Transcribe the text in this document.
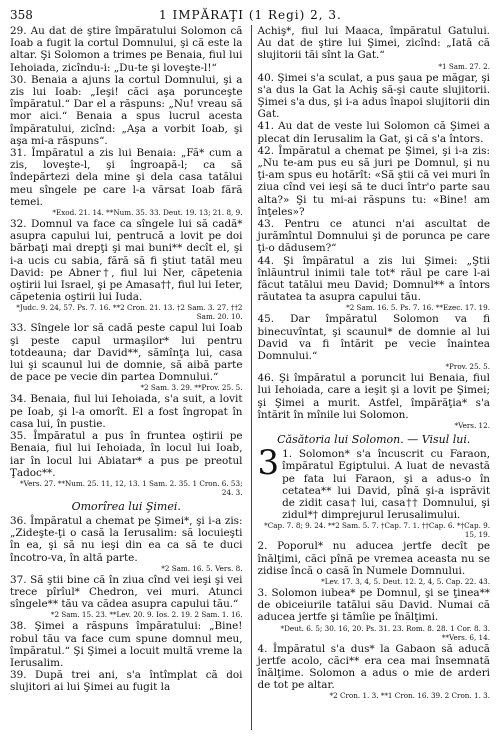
358	1 IMPĂRAŢI (1 Regi) 2, 3.

29. Au dat de ştire împăratului Solomon că Ioab a fugit la cortul Domnului, şi că este la altar. Şi Solomon a trimes pe Benaia, fiul lui Iehoiada, zicîndu-i: „Du-te şi loveşte-l!“

30. Benaia a ajuns la cortul Domnului, şi a zis lui Ioab: „Ieşi! căci aşa porunceşte împăratul.“ Dar el a răspuns: „Nu! vreau să mor aici.“ Benaia a spus lucrul acesta împăratului, zicînd: „Aşa a vorbit Ioab, şi aşa mi-a răspuns“.

31. Împăratul a zis lui Benaia: „Fă* cum a zis, loveşte-l, şi îngroapă-l; ca să îndepărtezi dela mine şi dela casa tatălui meu sîngele pe care l-a vărsat Ioab fără temei.

*Exod. 21. 14. **Num. 35. 33. Deut. 19. 13; 21. 8, 9.

32. Domnul va face ca sîngele lui să cadă* asupra capului lui, pentrucă a lovit pe doi bărbaţi mai drepţi şi mai buni** decît el, şi i-a ucis cu sabia, fără să fi ştiut tatăl meu David: pe Abner†, fiul lui Ner, căpetenia oştirii lui Israel, şi pe Amasa††, fiul lui Ieter, căpetenia oştirii lui Iuda.

*Judc. 9. 24, 57. Ps. 7. 16. **2 Cron. 21. 13. †2 Sam. 3. 27. ††2 Sam. 20. 10.

33. Sîngele lor să cadă peste capul lui Ioab şi peste capul urmaşilor* lui pentru totdeauna; dar David**, sămînţa lui, casa lui şi scaunul lui de domnie, să aibă parte de pace pe vecie din partea Domnului.“

*2 Sam. 3. 29. **Prov. 25. 5.

34. Benaia, fiul lui Iehoiada, s'a suit, a lovit pe Ioab, şi l-a omorît. El a fost îngropat în casa lui, în pustie.

35. Împăratul a pus în fruntea oştirii pe Benaia, fiul lui Iehoiada, în locul lui Ioab, iar în locul lui Abiatar* a pus pe preotul Ţadoc**.

*Vers. 27. **Num. 25. 11, 12, 13. 1 Sam. 2. 35. 1 Cron. 6. 53; 24. 3.

Omorîrea lui Şimei.

36. Împăratul a chemat pe Şimei*, şi i-a zis: „Zideşte-ţi o casă la Ierusalim: să locuieşti în ea, şi să nu ieşi din ea ca să te duci încotro-va, în altă parte.

*2 Sam. 16. 5. Vers. 8.

37. Să ştii bine că în ziua cînd vei ieşi şi vei trece pîrîul* Chedron, vei muri. Atunci sîngele** tău va cădea asupra capului tău.“

*2 Sam. 15. 23. **Lev. 20. 9. Ios. 2. 19. 2 Sam. 1. 16.

38. Şimei a răspuns împăratului: „Bine! robul tău va face cum spune domnul meu, împăratul.“ Şi Şimei a locuit multă vreme la Ierusalim.

39. După trei ani, s'a întîmplat că doi slujitori ai lui Şimei au fugit la

Achiş*, fiul lui Maaca, împăratul Gatului. Au dat de ştire lui Şimei, zicînd: „Iată că slujitorii tăi sînt la Gat.“

*1 Sam. 27. 2.

40. Şimei s'a sculat, a pus şaua pe măgar, şi s'a dus la Gat la Achiş să-şi caute slujitorii. Şimei s'a dus, şi i-a adus înapoi slujitorii din Gat.

41. Au dat de veste lui Solomon că Şimei a plecat din Ierusalim la Gat, şi că s'a întors.

42. Împăratul a chemat pe Şimei, şi i-a zis: „Nu te-am pus eu să juri pe Domnul, şi nu ţi-am spus eu hotărît: «Să ştii că vei muri în ziua cînd vei ieşi să te duci într'o parte sau alta?» Şi tu mi-ai răspuns tu: «Bine! am înţeles»?

43. Pentru ce atunci n'ai ascultat de jurămîntul Domnului şi de porunca pe care ţi-o dădusem?“

44. Şi împăratul a zis lui Şimei: „Ştii înlăuntrul inimii tale tot* răul pe care l-ai făcut tatălui meu David; Domnul** a întors răutatea ta asupra capului tău.

*2 Sam. 16. 5. Ps. 7. 16. **Ezec. 17. 19.

45. Dar împăratul Solomon va fi binecuvîntat, şi scaunul* de domnie al lui David va fi întărit pe vecie înaintea Domnului.“

*Prov. 25. 5.

46. Şi împăratul a poruncit lui Benaia, fiul lui Iehoiada, care a ieşit şi a lovit pe Şimei; şi Şimei a murit. Astfel, împărăţia* s'a întărit în mînile lui Solomon.

*Vers. 12.

Căsătoria lui Solomon. — Visul lui.
3 1. Solomon* s'a încuscrit cu Faraon, împăratul Egiptului. A luat de nevastă pe fata lui Faraon, şi a adus-o în cetatea** lui David, pînă şi-a isprăvit de zidit casa† lui, casa†† Domnului, şi zidul*† dimprejurul Ierusalimului.

*Cap. 7. 8; 9. 24. **2 Sam. 5. 7. †Cap. 7. 1. ††Cap. 6. *†Cap. 9. 15, 19.

2. Poporul* nu aducea jertfe decît pe înălţimi, căci pînă pe vremea aceasta nu se zidise încă o casă în Numele Domnului.

*Lev. 17. 3, 4, 5. Deut. 12. 2, 4, 5. Cap. 22. 43.

3. Solomon iubea* pe Domnul, şi se ţinea** de obiceiurile tatălui său David. Numai că aducea jertfe şi tămîie pe înălţimi.

*Deut. 6. 5; 30. 16, 20. Ps. 31. 23. Rom. 8. 28. 1 Cor. 8. 3. **Vers. 6, 14.

4. Împăratul s'a dus* la Gabaon să aducă jertfe acolo, căci** era cea mai însemnată înălţime. Solomon a adus o mie de arderi de tot pe altar.

*2 Cron. 1. 3. **1 Cron. 16. 39. 2 Cron. 1. 3.
